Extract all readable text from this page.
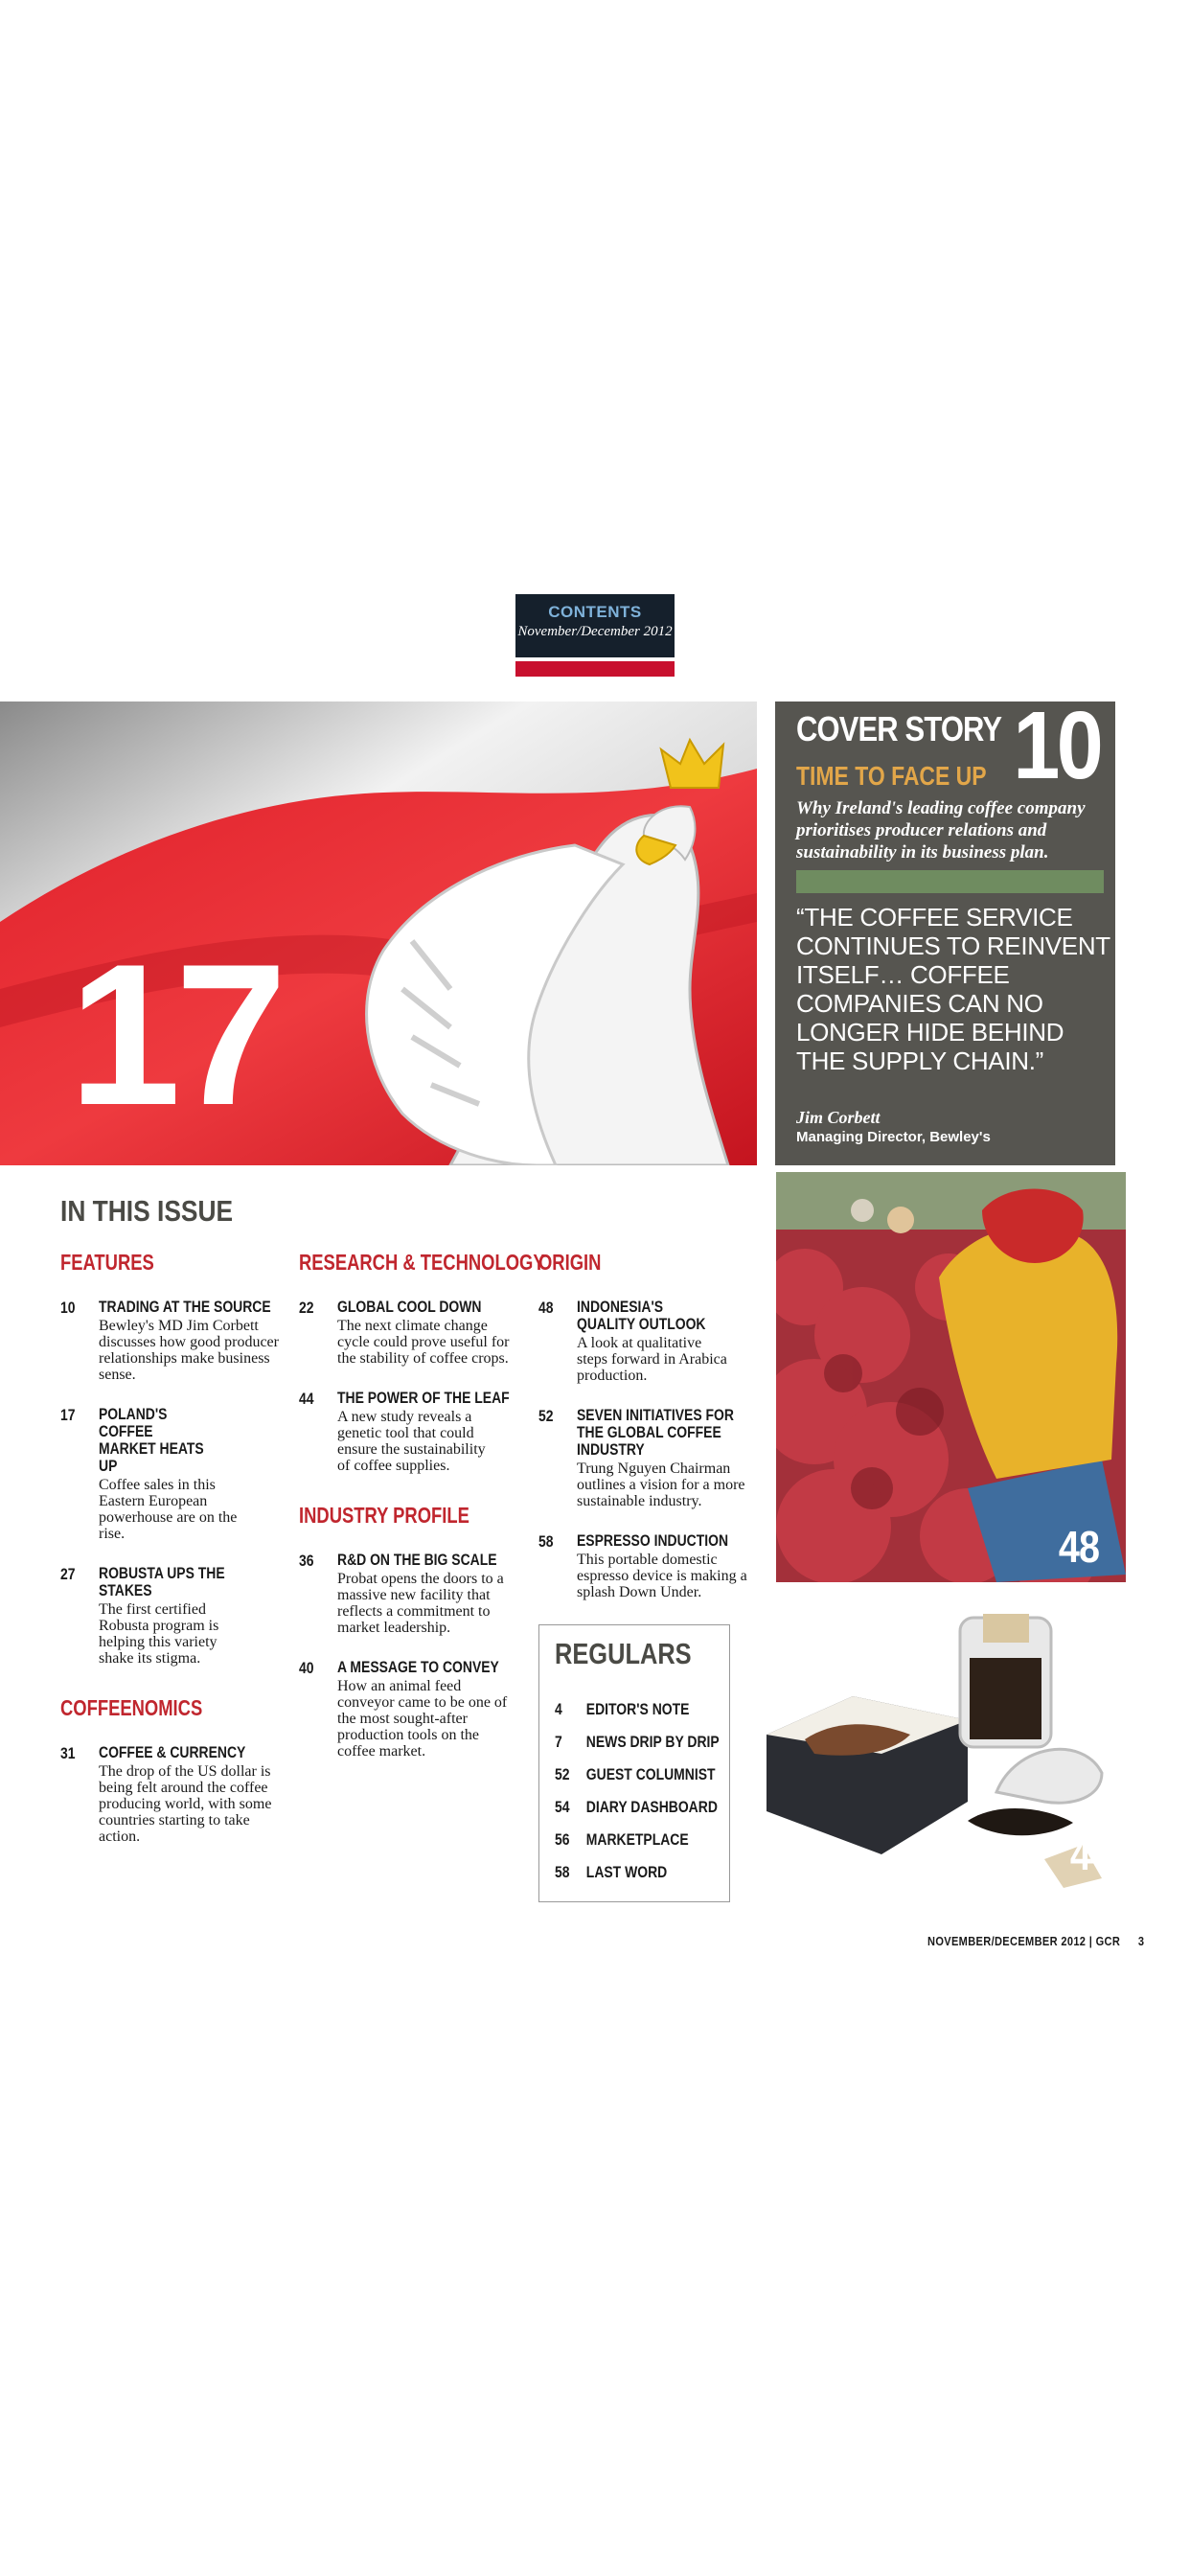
CONTENTS
November/December 2012
17
COVER STORY 10
TIME TO FACE UP
Why Ireland's leading coffee company prioritises producer relations and sustainability in its business plan.
“THE COFFEE SERVICE CONTINUES TO REINVENT ITSELF… COFFEE COMPANIES CAN NO LONGER HIDE BEHIND THE SUPPLY CHAIN.”
Jim Corbett
Managing Director, Bewley's
IN THIS ISSUE
FEATURES
10 TRADING AT THE SOURCE
Bewley's MD Jim Corbett discusses how good producer relationships make business sense.
17 POLAND'S COFFEE MARKET HEATS UP
Coffee sales in this Eastern European powerhouse are on the rise.
27 ROBUSTA UPS THE STAKES
The first certified Robusta program is helping this variety shake its stigma.
COFFEENOMICS
31 COFFEE & CURRENCY
The drop of the US dollar is being felt around the coffee producing world, with some countries starting to take action.
RESEARCH & TECHNOLOGY
22 GLOBAL COOL DOWN
The next climate change cycle could prove useful for the stability of coffee crops.
44 THE POWER OF THE LEAF
A new study reveals a genetic tool that could ensure the sustainability of coffee supplies.
INDUSTRY PROFILE
36 R&D ON THE BIG SCALE
Probat opens the doors to a massive new facility that reflects a commitment to market leadership.
40 A MESSAGE TO CONVEY
How an animal feed conveyor came to be one of the most sought-after production tools on the coffee market.
ORIGIN
48 INDONESIA'S QUALITY OUTLOOK
A look at qualitative steps forward in Arabica production.
52 SEVEN INITIATIVES FOR THE GLOBAL COFFEE INDUSTRY
Trung Nguyen Chairman outlines a vision for a more sustainable industry.
58 ESPRESSO INDUCTION
This portable domestic espresso device is making a splash Down Under.
REGULARS
4 EDITOR'S NOTE
7 NEWS DRIP BY DRIP
52 GUEST COLUMNIST
54 DIARY DASHBOARD
56 MARKETPLACE
58 LAST WORD
48
44
NOVEMBER/DECEMBER 2012 | GCR 3
